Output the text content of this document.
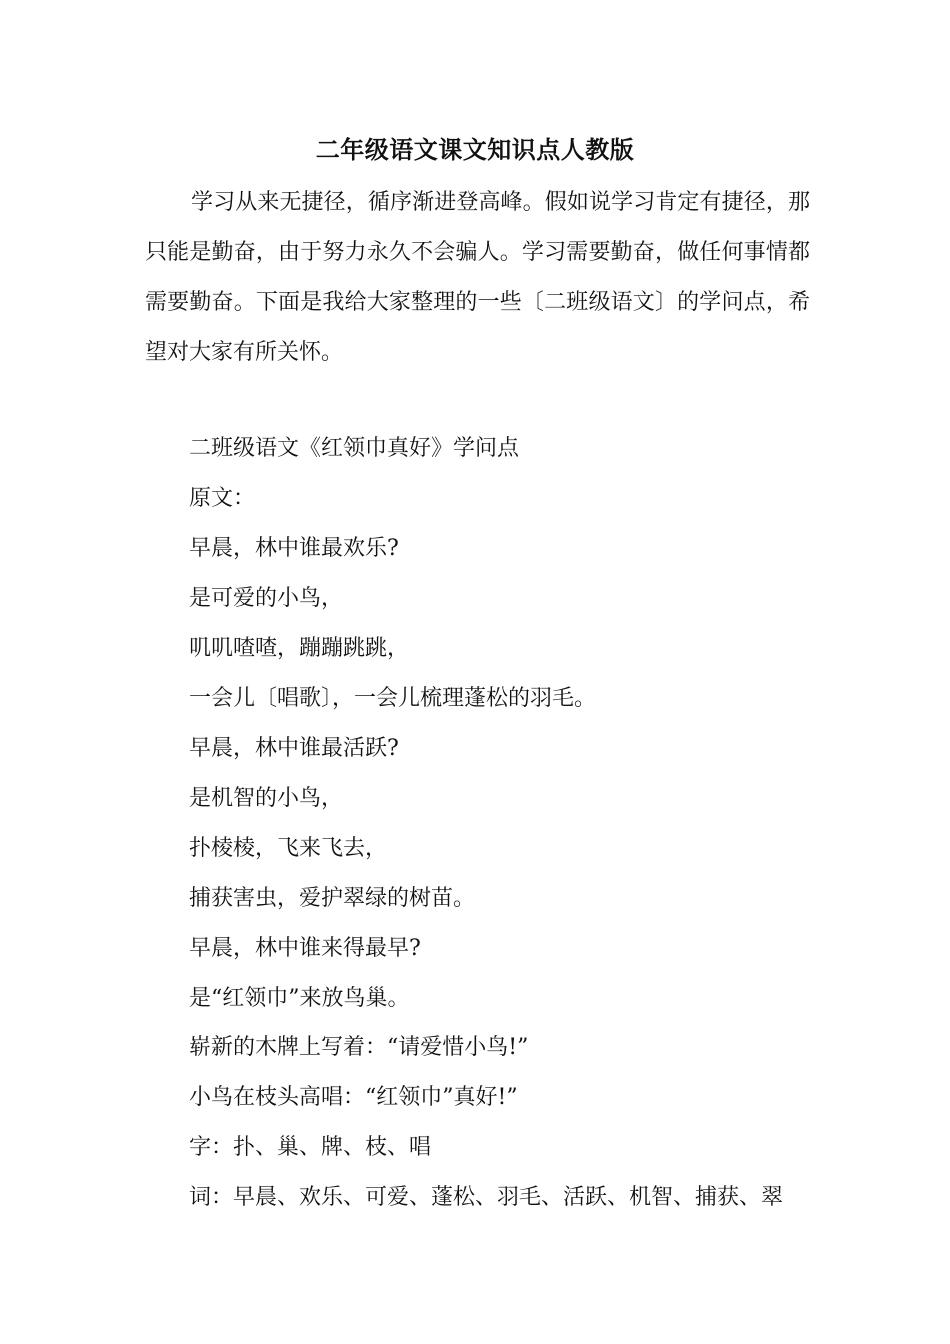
二年级语文课文知识点人教版

学习从来无捷径，循序渐进登高峰。假如说学习肯定有捷径，那只能是勤奋，由于努力永久不会骗人。学习需要勤奋，做任何事情都需要勤奋。下面是我给大家整理的一些〔二班级语文〕的学问点，希望对大家有所关怀。

二班级语文《红领巾真好》学问点
原文：
早晨，林中谁最欢乐?
是可爱的小鸟，
叽叽喳喳，蹦蹦跳跳，
一会儿〔唱歌〕，一会儿梳理蓬松的羽毛。
早晨，林中谁最活跃?
是机智的小鸟，
扑棱棱，飞来飞去，
捕获害虫，爱护翠绿的树苗。
早晨，林中谁来得最早?
是“红领巾”来放鸟巢。
崭新的木牌上写着：“请爱惜小鸟!”
小鸟在枝头高唱：“红领巾”真好!”
字：扑、巢、牌、枝、唱
词：早晨、欢乐、可爱、蓬松、羽毛、活跃、机智、捕获、翠
